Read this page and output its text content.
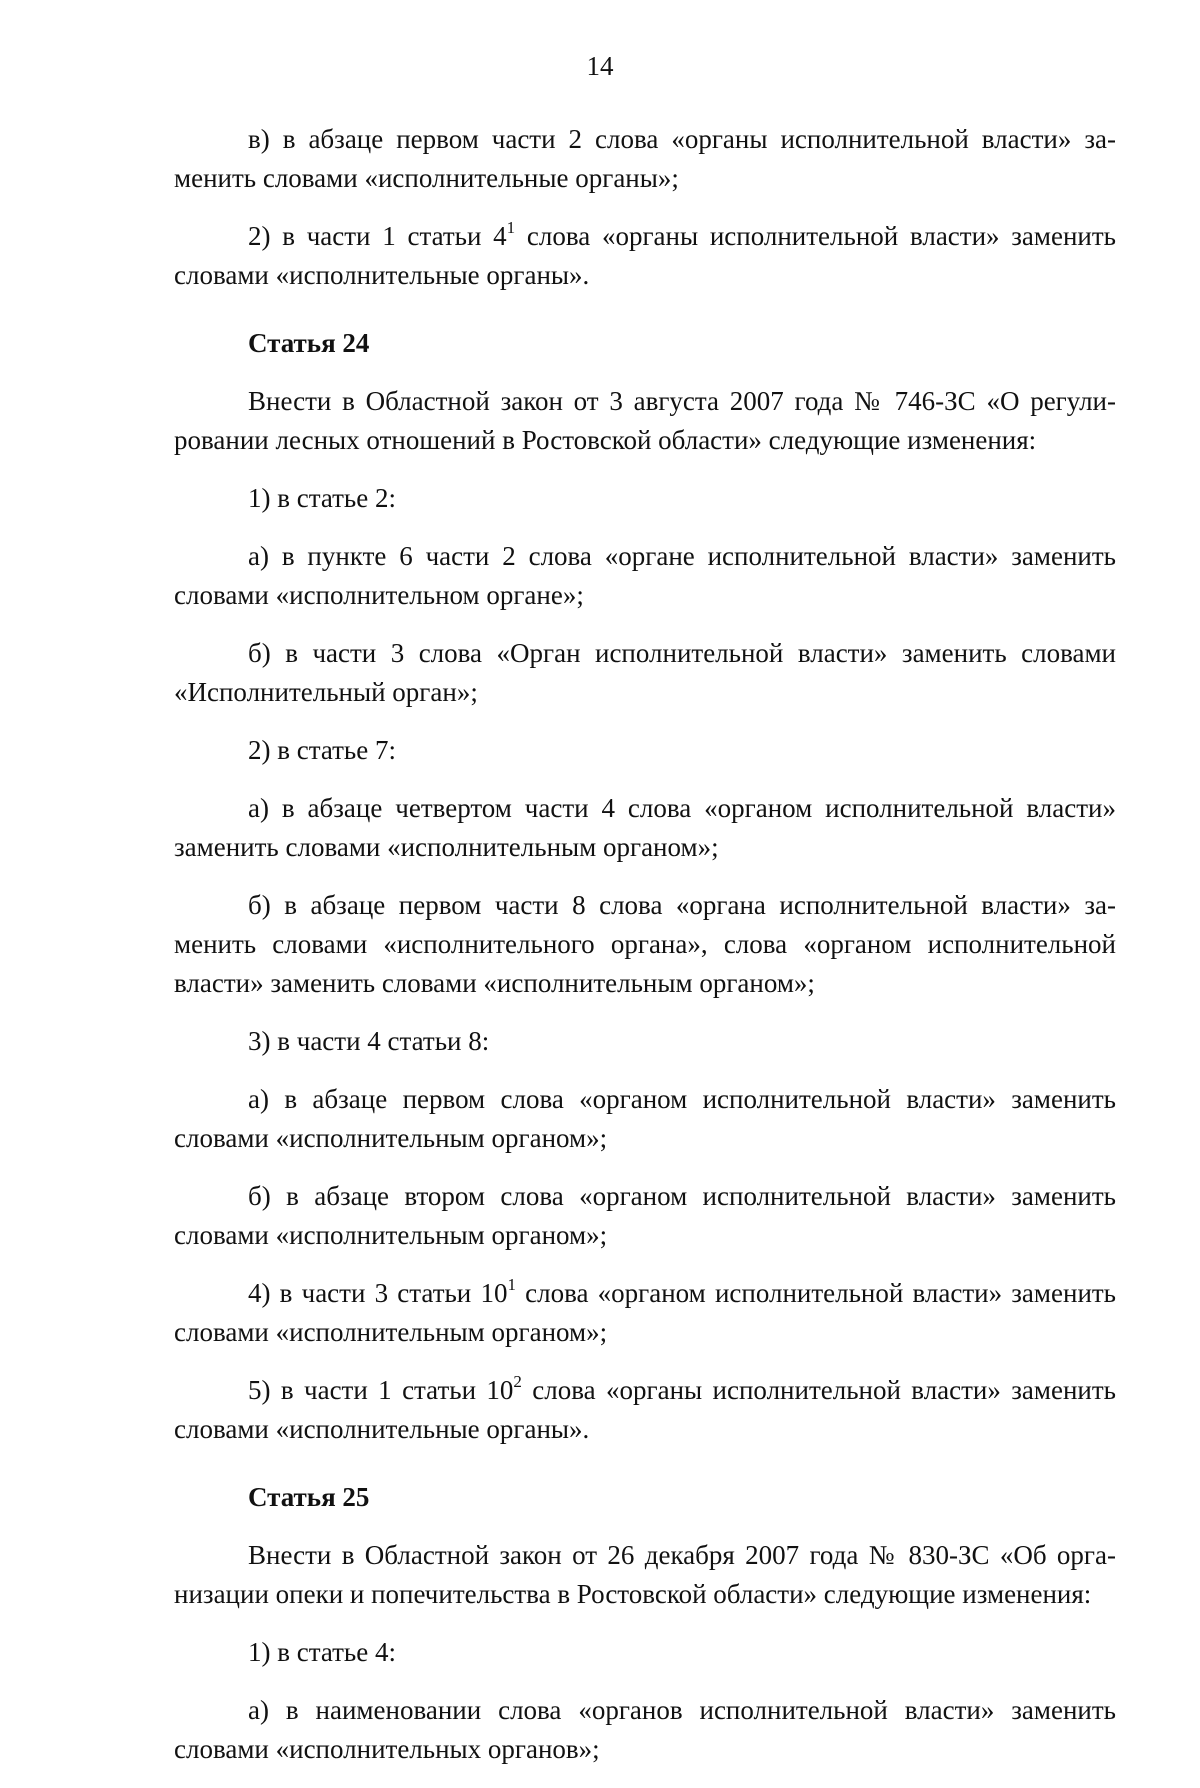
14

в) в абзаце первом части 2 слова «органы исполнительной власти» заменить словами «исполнительные органы»;

2) в части 1 статьи $4^1$ слова «органы исполнительной власти» заменить словами «исполнительные органы».

Статья 24

Внести в Областной закон от 3 августа 2007 года № 746-ЗС «О регулировании лесных отношений в Ростовской области» следующие изменения:

1) в статье 2:

а) в пункте 6 части 2 слова «органе исполнительной власти» заменить словами «исполнительном органе»;

б) в части 3 слова «Орган исполнительной власти» заменить словами «Исполнительный орган»;

2) в статье 7:

а) в абзаце четвертом части 4 слова «органом исполнительной власти» заменить словами «исполнительным органом»;

б) в абзаце первом части 8 слова «органа исполнительной власти» заменить словами «исполнительного органа», слова «органом исполнительной власти» заменить словами «исполнительным органом»;

3) в части 4 статьи 8:

а) в абзаце первом слова «органом исполнительной власти» заменить словами «исполнительным органом»;

б) в абзаце втором слова «органом исполнительной власти» заменить словами «исполнительным органом»;

4) в части 3 статьи $10^1$ слова «органом исполнительной власти» заменить словами «исполнительным органом»;

5) в части 1 статьи $10^2$ слова «органы исполнительной власти» заменить словами «исполнительные органы».

Статья 25

Внести в Областной закон от 26 декабря 2007 года № 830-ЗС «Об организации опеки и попечительства в Ростовской области» следующие изменения:

1) в статье 4:

а) в наименовании слова «органов исполнительной власти» заменить словами «исполнительных органов»;
